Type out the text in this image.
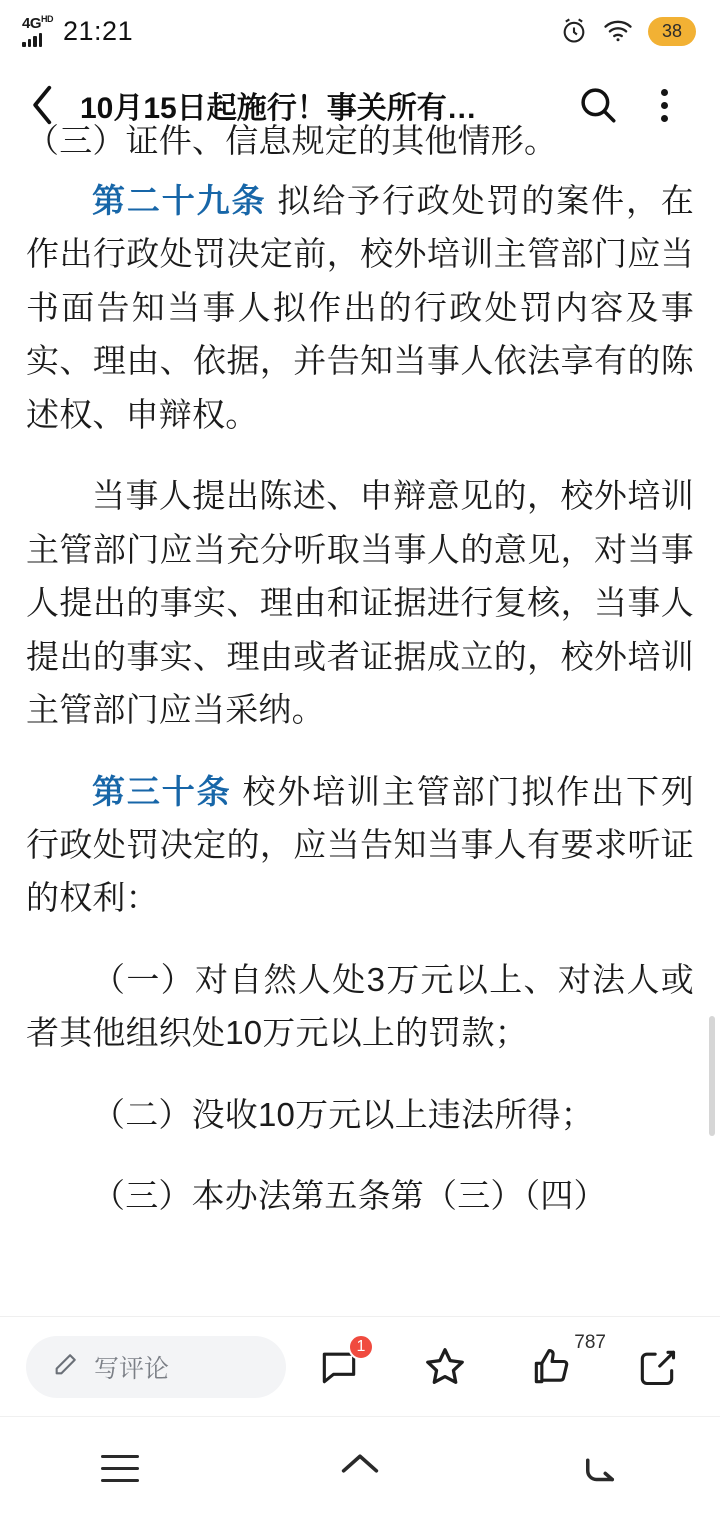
$4G^{HD}$ 21:21	38
10月15日起施行！事关所有…
（三）证件、信息规定的其他情形。

第二十九条 拟给予行政处罚的案件，在作出行政处罚决定前，校外培训主管部门应当书面告知当事人拟作出的行政处罚内容及事实、理由、依据，并告知当事人依法享有的陈述权、申辩权。

当事人提出陈述、申辩意见的，校外培训主管部门应当充分听取当事人的意见，对当事人提出的事实、理由和证据进行复核，当事人提出的事实、理由或者证据成立的，校外培训主管部门应当采纳。

第三十条 校外培训主管部门拟作出下列行政处罚决定的，应当告知当事人有要求听证的权利：

（一）对自然人处3万元以上、对法人或者其他组织处10万元以上的罚款；

（二）没收10万元以上违法所得；

（三）本办法第五条第（三）（四）

写评论
1	787
